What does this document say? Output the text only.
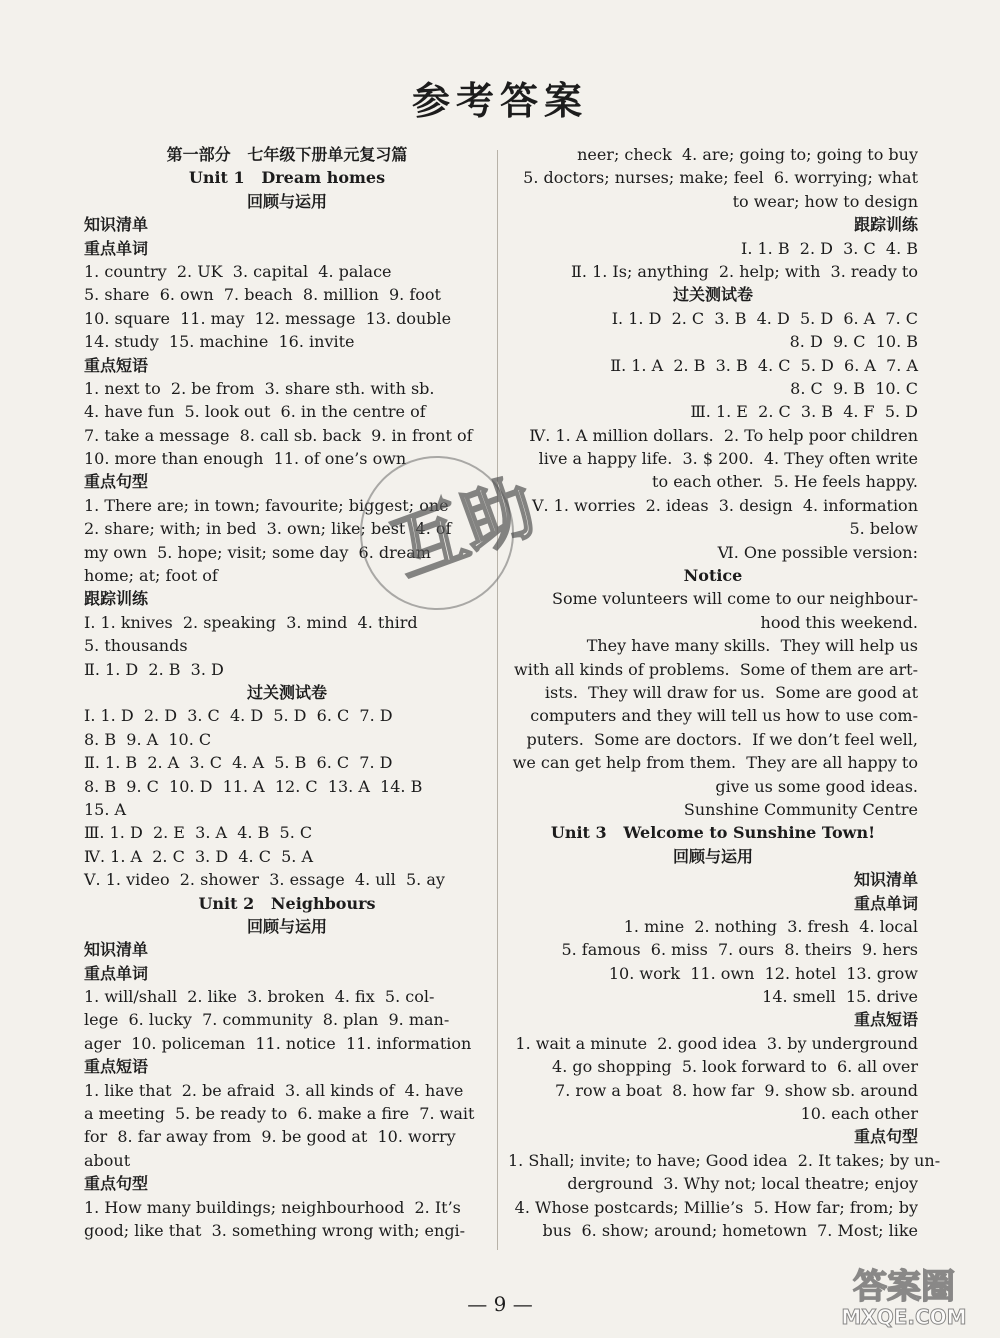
参考答案
第一部分   七年级下册单元复习篇
Unit 1   Dream homes
回顾与运用
知识清单
重点单词
1. country  2. UK  3. capital  4. palace
5. share  6. own  7. beach  8. million  9. foot
10. square  11. may  12. message  13. double
14. study  15. machine  16. invite
重点短语
1. next to  2. be from  3. share sth. with sb.
4. have fun  5. look out  6. in the centre of
7. take a message  8. call sb. back  9. in front of
10. more than enough  11. of one’s own
重点句型
1. There are; in town; favourite; biggest; one
2. share; with; in bed  3. own; like; best  4. of
my own  5. hope; visit; some day  6. dream
home; at; foot of
跟踪训练
Ⅰ. 1. knives  2. speaking  3. mind  4. third
5. thousands
Ⅱ. 1. D  2. B  3. D
过关测试卷
Ⅰ. 1. D  2. D  3. C  4. D  5. D  6. C  7. D
8. B  9. A  10. C
Ⅱ. 1. B  2. A  3. C  4. A  5. B  6. C  7. D
8. B  9. C  10. D  11. A  12. C  13. A  14. B
15. A
Ⅲ. 1. D  2. E  3. A  4. B  5. C
Ⅳ. 1. A  2. C  3. D  4. C  5. A
Ⅴ. 1. video  2. shower  3. essage  4. ull  5. ay
Unit 2   Neighbours
回顾与运用
知识清单
重点单词
1. will/shall  2. like  3. broken  4. fix  5. col-
lege  6. lucky  7. community  8. plan  9. man-
ager  10. policeman  11. notice  11. information
重点短语
1. like that  2. be afraid  3. all kinds of  4. have
a meeting  5. be ready to  6. make a fire  7. wait
for  8. far away from  9. be good at  10. worry
about
重点句型
1. How many buildings; neighbourhood  2. It’s
good; like that  3. something wrong with; engi-
neer; check  4. are; going to; going to buy
5. doctors; nurses; make; feel  6. worrying; what
to wear; how to design
跟踪训练
Ⅰ. 1. B  2. D  3. C  4. B
Ⅱ. 1. Is; anything  2. help; with  3. ready to
过关测试卷
Ⅰ. 1. D  2. C  3. B  4. D  5. D  6. A  7. C
8. D  9. C  10. B
Ⅱ. 1. A  2. B  3. B  4. C  5. D  6. A  7. A
8. C  9. B  10. C
Ⅲ. 1. E  2. C  3. B  4. F  5. D
Ⅳ. 1. A million dollars.  2. To help poor children
live a happy life.  3. $ 200.  4. They often write
to each other.  5. He feels happy.
Ⅴ. 1. worries  2. ideas  3. design  4. information
5. below
Ⅵ. One possible version:
Notice
Some volunteers will come to our neighbour-
hood this weekend.
They have many skills.  They will help us
with all kinds of problems.  Some of them are art-
ists.  They will draw for us.  Some are good at
computers and they will tell us how to use com-
puters.  Some are doctors.  If we don’t feel well,
we can get help from them.  They are all happy to
give us some good ideas.
Sunshine Community Centre
Unit 3   Welcome to Sunshine Town!
回顾与运用
知识清单
重点单词
1. mine  2. nothing  3. fresh  4. local
5. famous  6. miss  7. ours  8. theirs  9. hers
10. work  11. own  12. hotel  13. grow
14. smell  15. drive
重点短语
1. wait a minute  2. good idea  3. by underground
4. go shopping  5. look forward to  6. all over
7. row a boat  8. how far  9. show sb. around
10. each other
重点句型
1. Shall; invite; to have; Good idea  2. It takes; by un-
derground  3. Why not; local theatre; enjoy
4. Whose postcards; Millie’s  5. How far; from; by
bus  6. show; around; hometown  7. Most; like
互助
答案圈
MXQE.COM
— 9 —
